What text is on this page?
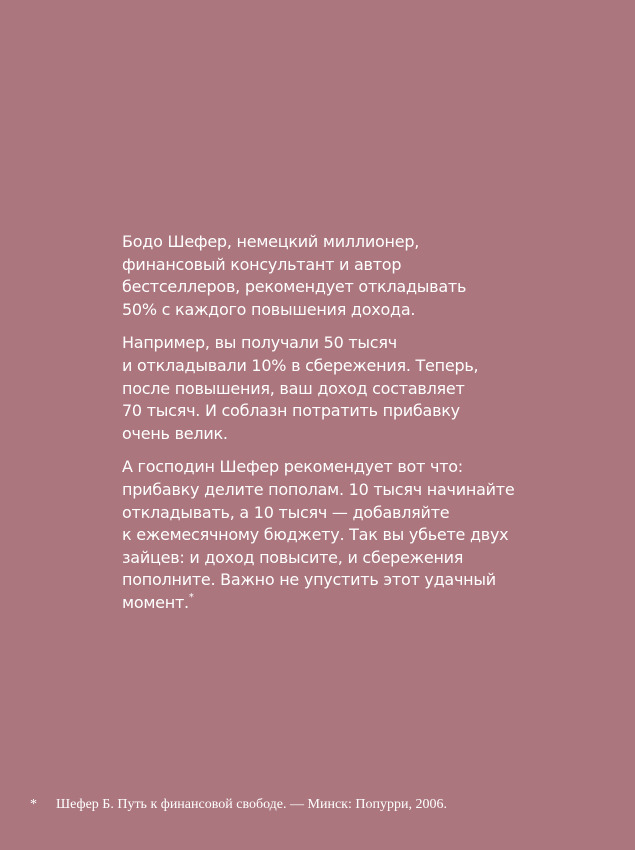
Бодо Шефер, немецкий миллионер,
финансовый консультант и автор
бестселлеров, рекомендует откладывать
50% с каждого повышения дохода.

Например, вы получали 50 тысяч
и откладывали 10% в сбережения. Теперь,
после повышения, ваш доход составляет
70 тысяч. И соблазн потратить прибавку
очень велик.

А господин Шефер рекомендует вот что:
прибавку делите пополам. 10 тысяч начинайте
откладывать, а 10 тысяч — добавляйте
к ежемесячному бюджету. Так вы убьете двух
зайцев: и доход повысите, и сбережения
пополните. Важно не упустить этот удачный
момент.*

* Шефер Б. Путь к финансовой свободе. — Минск: Попурри, 2006.
